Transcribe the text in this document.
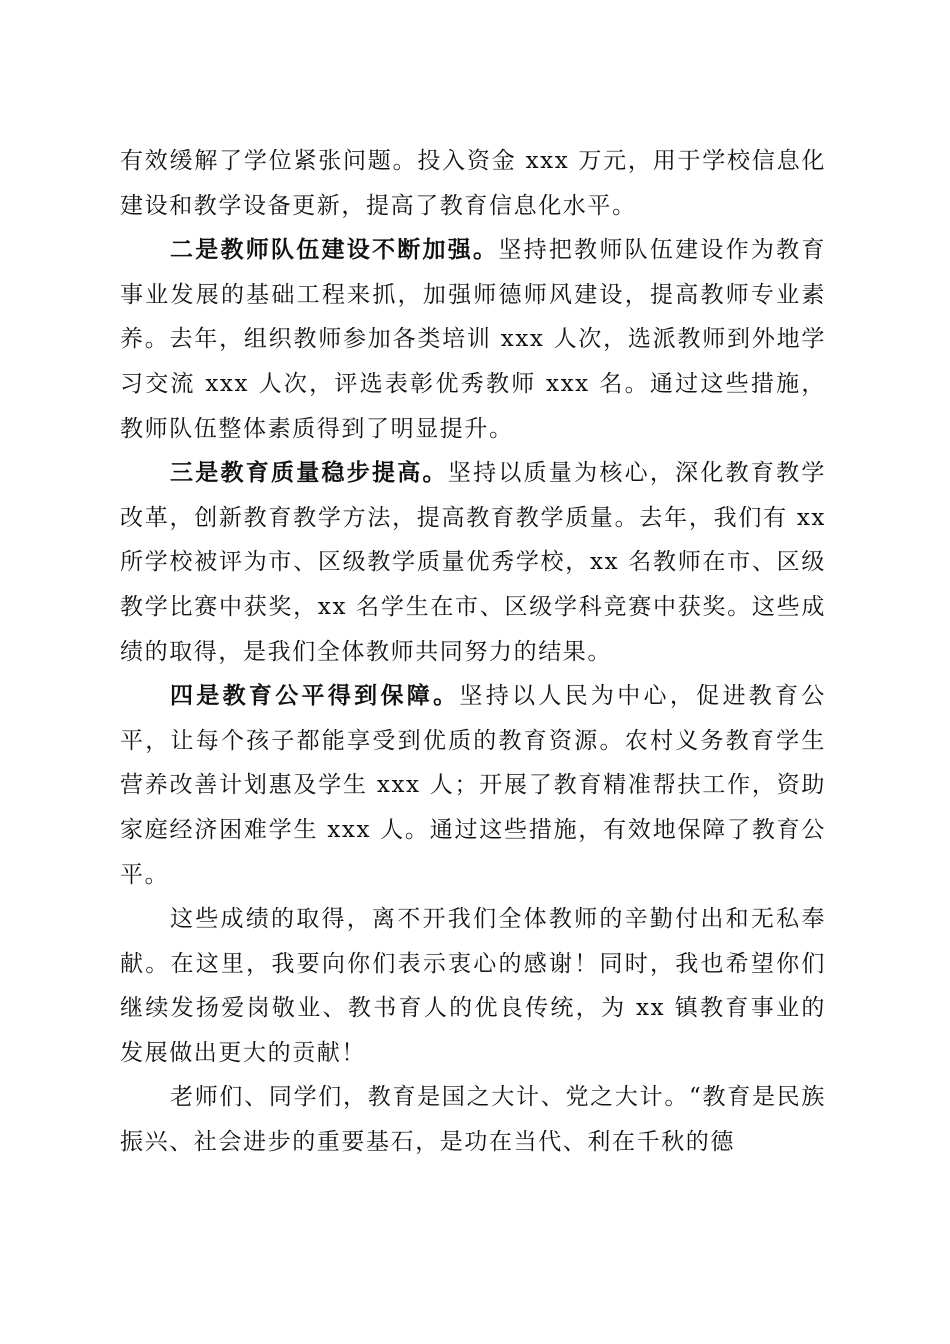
有效缓解了学位紧张问题。投入资金 xxx 万元，用于学校信息化建设和教学设备更新，提高了教育信息化水平。

二是教师队伍建设不断加强。坚持把教师队伍建设作为教育事业发展的基础工程来抓，加强师德师风建设，提高教师专业素养。去年，组织教师参加各类培训 xxx 人次，选派教师到外地学习交流 xxx 人次，评选表彰优秀教师 xxx 名。通过这些措施，教师队伍整体素质得到了明显提升。

三是教育质量稳步提高。坚持以质量为核心，深化教育教学改革，创新教育教学方法，提高教育教学质量。去年，我们有 xx 所学校被评为市、区级教学质量优秀学校，xx 名教师在市、区级教学比赛中获奖，xx 名学生在市、区级学科竞赛中获奖。这些成绩的取得，是我们全体教师共同努力的结果。

四是教育公平得到保障。坚持以人民为中心，促进教育公平，让每个孩子都能享受到优质的教育资源。农村义务教育学生营养改善计划惠及学生 xxx 人；开展了教育精准帮扶工作，资助家庭经济困难学生 xxx 人。通过这些措施，有效地保障了教育公平。

这些成绩的取得，离不开我们全体教师的辛勤付出和无私奉献。在这里，我要向你们表示衷心的感谢！同时，我也希望你们继续发扬爱岗敬业、教书育人的优良传统，为 xx 镇教育事业的发展做出更大的贡献！

老师们、同学们，教育是国之大计、党之大计。“教育是民族振兴、社会进步的重要基石，是功在当代、利在千秋的德
